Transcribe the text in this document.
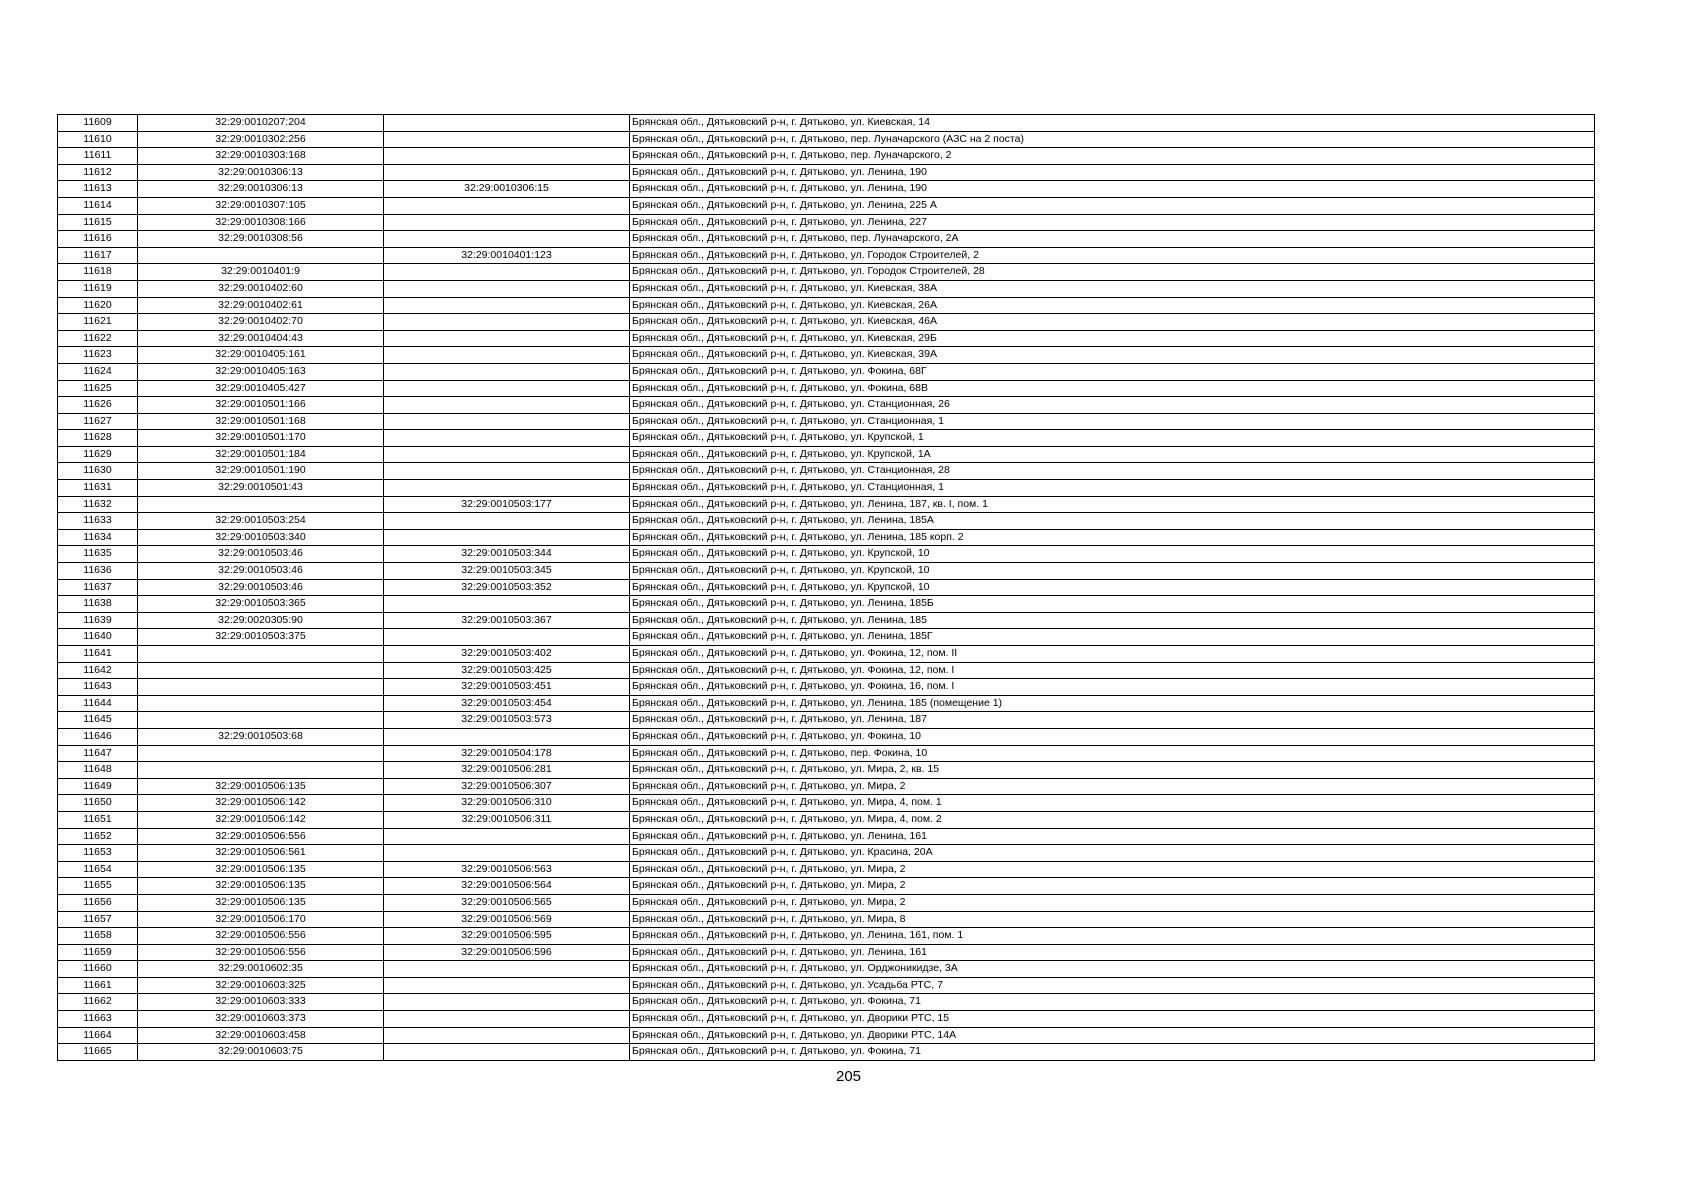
11609	32:29:0010207:204		Брянская обл., Дятьковский р-н, г. Дятьково, ул. Киевская, 14
11610	32:29:0010302:256		Брянская обл., Дятьковский р-н, г. Дятьково, пер. Луначарского (АЗС на 2 поста)
11611	32:29:0010303:168		Брянская обл., Дятьковский р-н, г. Дятьково, пер. Луначарского, 2
11612	32:29:0010306:13		Брянская обл., Дятьковский р-н, г. Дятьково, ул. Ленина, 190
11613	32:29:0010306:13	32:29:0010306:15	Брянская обл., Дятьковский р-н, г. Дятьково, ул. Ленина, 190
11614	32:29:0010307:105		Брянская обл., Дятьковский р-н, г. Дятьково, ул. Ленина, 225 А
11615	32:29:0010308:166		Брянская обл., Дятьковский р-н, г. Дятьково, ул. Ленина, 227
11616	32:29:0010308:56		Брянская обл., Дятьковский р-н, г. Дятьково, пер. Луначарского, 2А
11617		32:29:0010401:123	Брянская обл., Дятьковский р-н, г. Дятьково, ул. Городок Строителей, 2
11618	32:29:0010401:9		Брянская обл., Дятьковский р-н, г. Дятьково, ул. Городок Строителей, 28
11619	32:29:0010402:60		Брянская обл., Дятьковский р-н, г. Дятьково, ул. Киевская, 38А
11620	32:29:0010402:61		Брянская обл., Дятьковский р-н, г. Дятьково, ул. Киевская, 26А
11621	32:29:0010402:70		Брянская обл., Дятьковский р-н, г. Дятьково, ул. Киевская, 46А
11622	32:29:0010404:43		Брянская обл., Дятьковский р-н, г. Дятьково, ул. Киевская, 29Б
11623	32:29:0010405:161		Брянская обл., Дятьковский р-н, г. Дятьково, ул. Киевская, 39А
11624	32:29:0010405:163		Брянская обл., Дятьковский р-н, г. Дятьково, ул. Фокина, 68Г
11625	32:29:0010405:427		Брянская обл., Дятьковский р-н, г. Дятьково, ул. Фокина, 68В
11626	32:29:0010501:166		Брянская обл., Дятьковский р-н, г. Дятьково, ул. Станционная, 26
11627	32:29:0010501:168		Брянская обл., Дятьковский р-н, г. Дятьково, ул. Станционная, 1
11628	32:29:0010501:170		Брянская обл., Дятьковский р-н, г. Дятьково, ул. Крупской, 1
11629	32:29:0010501:184		Брянская обл., Дятьковский р-н, г. Дятьково, ул. Крупской, 1А
11630	32:29:0010501:190		Брянская обл., Дятьковский р-н, г. Дятьково, ул. Станционная, 28
11631	32:29:0010501:43		Брянская обл., Дятьковский р-н, г. Дятьково, ул. Станционная, 1
11632		32:29:0010503:177	Брянская обл., Дятьковский р-н, г. Дятьково, ул. Ленина, 187, кв. I, пом. 1
11633	32:29:0010503:254		Брянская обл., Дятьковский р-н, г. Дятьково, ул. Ленина, 185А
11634	32:29:0010503:340		Брянская обл., Дятьковский р-н, г. Дятьково, ул. Ленина, 185 корп. 2
11635	32:29:0010503:46	32:29:0010503:344	Брянская обл., Дятьковский р-н, г. Дятьково, ул. Крупской, 10
11636	32:29:0010503:46	32:29:0010503:345	Брянская обл., Дятьковский р-н, г. Дятьково, ул. Крупской, 10
11637	32:29:0010503:46	32:29:0010503:352	Брянская обл., Дятьковский р-н, г. Дятьково, ул. Крупской, 10
11638	32:29:0010503:365		Брянская обл., Дятьковский р-н, г. Дятьково, ул. Ленина, 185Б
11639	32:29:0020305:90	32:29:0010503:367	Брянская обл., Дятьковский р-н, г. Дятьково, ул. Ленина, 185
11640	32:29:0010503:375		Брянская обл., Дятьковский р-н, г. Дятьково, ул. Ленина, 185Г
11641		32:29:0010503:402	Брянская обл., Дятьковский р-н, г. Дятьково, ул. Фокина, 12, пом. II
11642		32:29:0010503:425	Брянская обл., Дятьковский р-н, г. Дятьково, ул. Фокина, 12, пом. I
11643		32:29:0010503:451	Брянская обл., Дятьковский р-н, г. Дятьково, ул. Фокина, 16, пом. I
11644		32:29:0010503:454	Брянская обл., Дятьковский р-н, г. Дятьково, ул. Ленина, 185 (помещение 1)
11645		32:29:0010503:573	Брянская обл., Дятьковский р-н, г. Дятьково, ул. Ленина, 187
11646	32:29:0010503:68		Брянская обл., Дятьковский р-н, г. Дятьково, ул. Фокина, 10
11647		32:29:0010504:178	Брянская обл., Дятьковский р-н, г. Дятьково, пер. Фокина, 10
11648		32:29:0010506:281	Брянская обл., Дятьковский р-н, г. Дятьково, ул. Мира, 2, кв. 15
11649	32:29:0010506:135	32:29:0010506:307	Брянская обл., Дятьковский р-н, г. Дятьково, ул. Мира, 2
11650	32:29:0010506:142	32:29:0010506:310	Брянская обл., Дятьковский р-н, г. Дятьково, ул. Мира, 4, пом. 1
11651	32:29:0010506:142	32:29:0010506:311	Брянская обл., Дятьковский р-н, г. Дятьково, ул. Мира, 4, пом. 2
11652	32:29:0010506:556		Брянская обл., Дятьковский р-н, г. Дятьково, ул. Ленина, 161
11653	32:29:0010506:561		Брянская обл., Дятьковский р-н, г. Дятьково, ул. Красина, 20А
11654	32:29:0010506:135	32:29:0010506:563	Брянская обл., Дятьковский р-н, г. Дятьково, ул. Мира, 2
11655	32:29:0010506:135	32:29:0010506:564	Брянская обл., Дятьковский р-н, г. Дятьково, ул. Мира, 2
11656	32:29:0010506:135	32:29:0010506:565	Брянская обл., Дятьковский р-н, г. Дятьково, ул. Мира, 2
11657	32:29:0010506:170	32:29:0010506:569	Брянская обл., Дятьковский р-н, г. Дятьково, ул. Мира, 8
11658	32:29:0010506:556	32:29:0010506:595	Брянская обл., Дятьковский р-н, г. Дятьково, ул. Ленина, 161, пом. 1
11659	32:29:0010506:556	32:29:0010506:596	Брянская обл., Дятьковский р-н, г. Дятьково, ул. Ленина, 161
11660	32:29:0010602:35		Брянская обл., Дятьковский р-н, г. Дятьково, ул. Орджоникидзе, 3А
11661	32:29:0010603:325		Брянская обл., Дятьковский р-н, г. Дятьково, ул. Усадьба РТС, 7
11662	32:29:0010603:333		Брянская обл., Дятьковский р-н, г. Дятьково, ул. Фокина, 71
11663	32:29:0010603:373		Брянская обл., Дятьковский р-н, г. Дятьково, ул. Дворики РТС, 15
11664	32:29:0010603:458		Брянская обл., Дятьковский р-н, г. Дятьково, ул. Дворики РТС, 14А
11665	32:29:0010603:75		Брянская обл., Дятьковский р-н, г. Дятьково, ул. Фокина, 71
205
